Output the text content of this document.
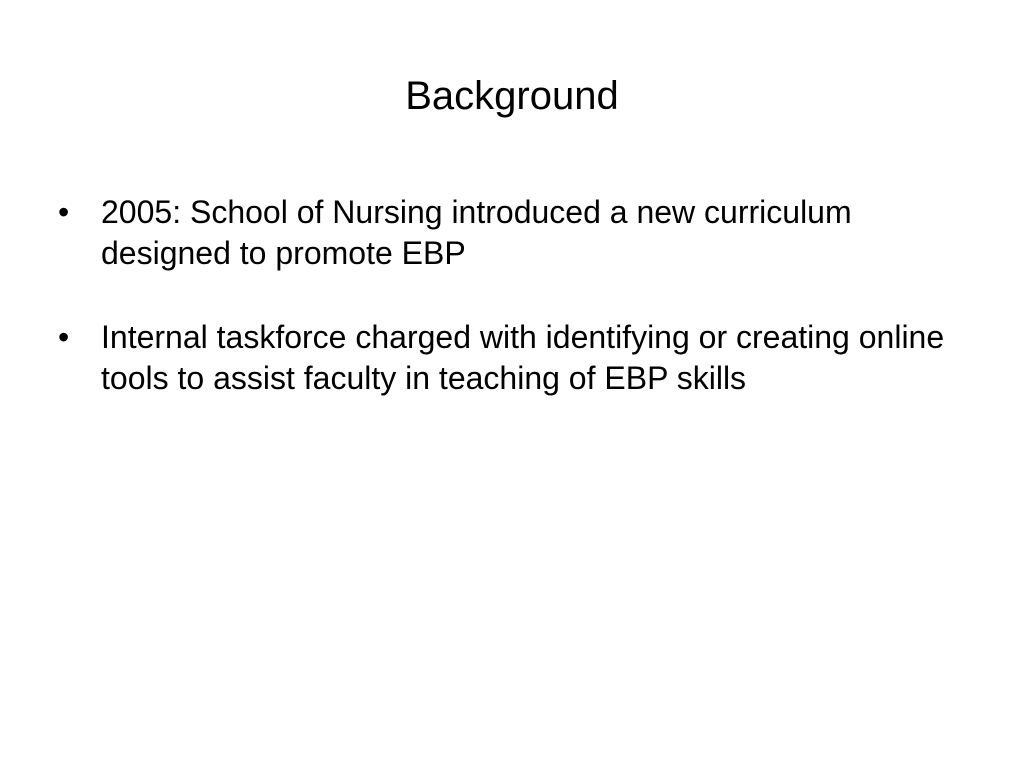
Background
• 2005: School of Nursing introduced a new curriculum designed to promote EBP
• Internal taskforce charged with identifying or creating online tools to assist faculty in teaching of EBP skills
